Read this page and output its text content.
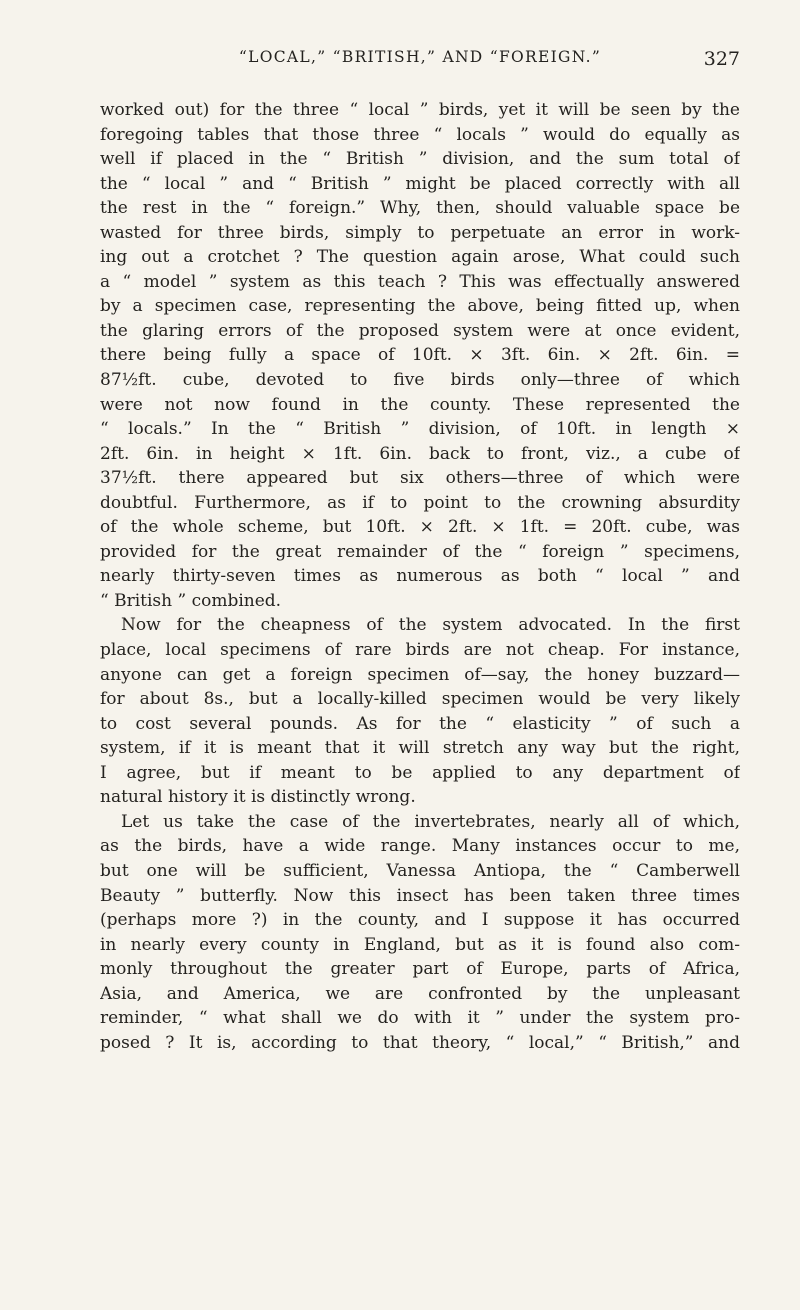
“LOCAL,” “BRITISH,” AND “FOREIGN.”	327
worked out) for the three “ local ” birds, yet it will be seen by the
foregoing tables that those three “ locals ” would do equally as
well if placed in the “ British ” division, and the sum total of
the “ local ” and “ British ” might be placed correctly with all
the rest in the “ foreign.” Why, then, should valuable space be
wasted for three birds, simply to perpetuate an error in work-
ing out a crotchet ? The question again arose, What could such
a “ model ” system as this teach ? This was effectually answered
by a specimen case, representing the above, being fitted up, when
the glaring errors of the proposed system were at once evident,
there being fully a space of 10ft. × 3ft. 6in. × 2ft. 6in. =
87½ft. cube, devoted to five birds only—three of which
were not now found in the county. These represented the
“ locals.” In the “ British ” division, of 10ft. in length ×
2ft. 6in. in height × 1ft. 6in. back to front, viz., a cube of
37½ft. there appeared but six others—three of which were
doubtful. Furthermore, as if to point to the crowning absurdity
of the whole scheme, but 10ft. × 2ft. × 1ft. = 20ft. cube, was
provided for the great remainder of the “ foreign ” specimens,
nearly thirty-seven times as numerous as both “ local ” and
“ British ” combined.
Now for the cheapness of the system advocated. In the first
place, local specimens of rare birds are not cheap. For instance,
anyone can get a foreign specimen of—say, the honey buzzard—
for about 8s., but a locally-killed specimen would be very likely
to cost several pounds. As for the “ elasticity ” of such a
system, if it is meant that it will stretch any way but the right,
I agree, but if meant to be applied to any department of
natural history it is distinctly wrong.
Let us take the case of the invertebrates, nearly all of which,
as the birds, have a wide range. Many instances occur to me,
but one will be sufficient, Vanessa Antiopa, the “ Camberwell
Beauty ” butterfly. Now this insect has been taken three times
(perhaps more ?) in the county, and I suppose it has occurred
in nearly every county in England, but as it is found also com-
monly throughout the greater part of Europe, parts of Africa,
Asia, and America, we are confronted by the unpleasant
reminder, “ what shall we do with it ” under the system pro-
posed ? It is, according to that theory, “ local,” “ British,” and
